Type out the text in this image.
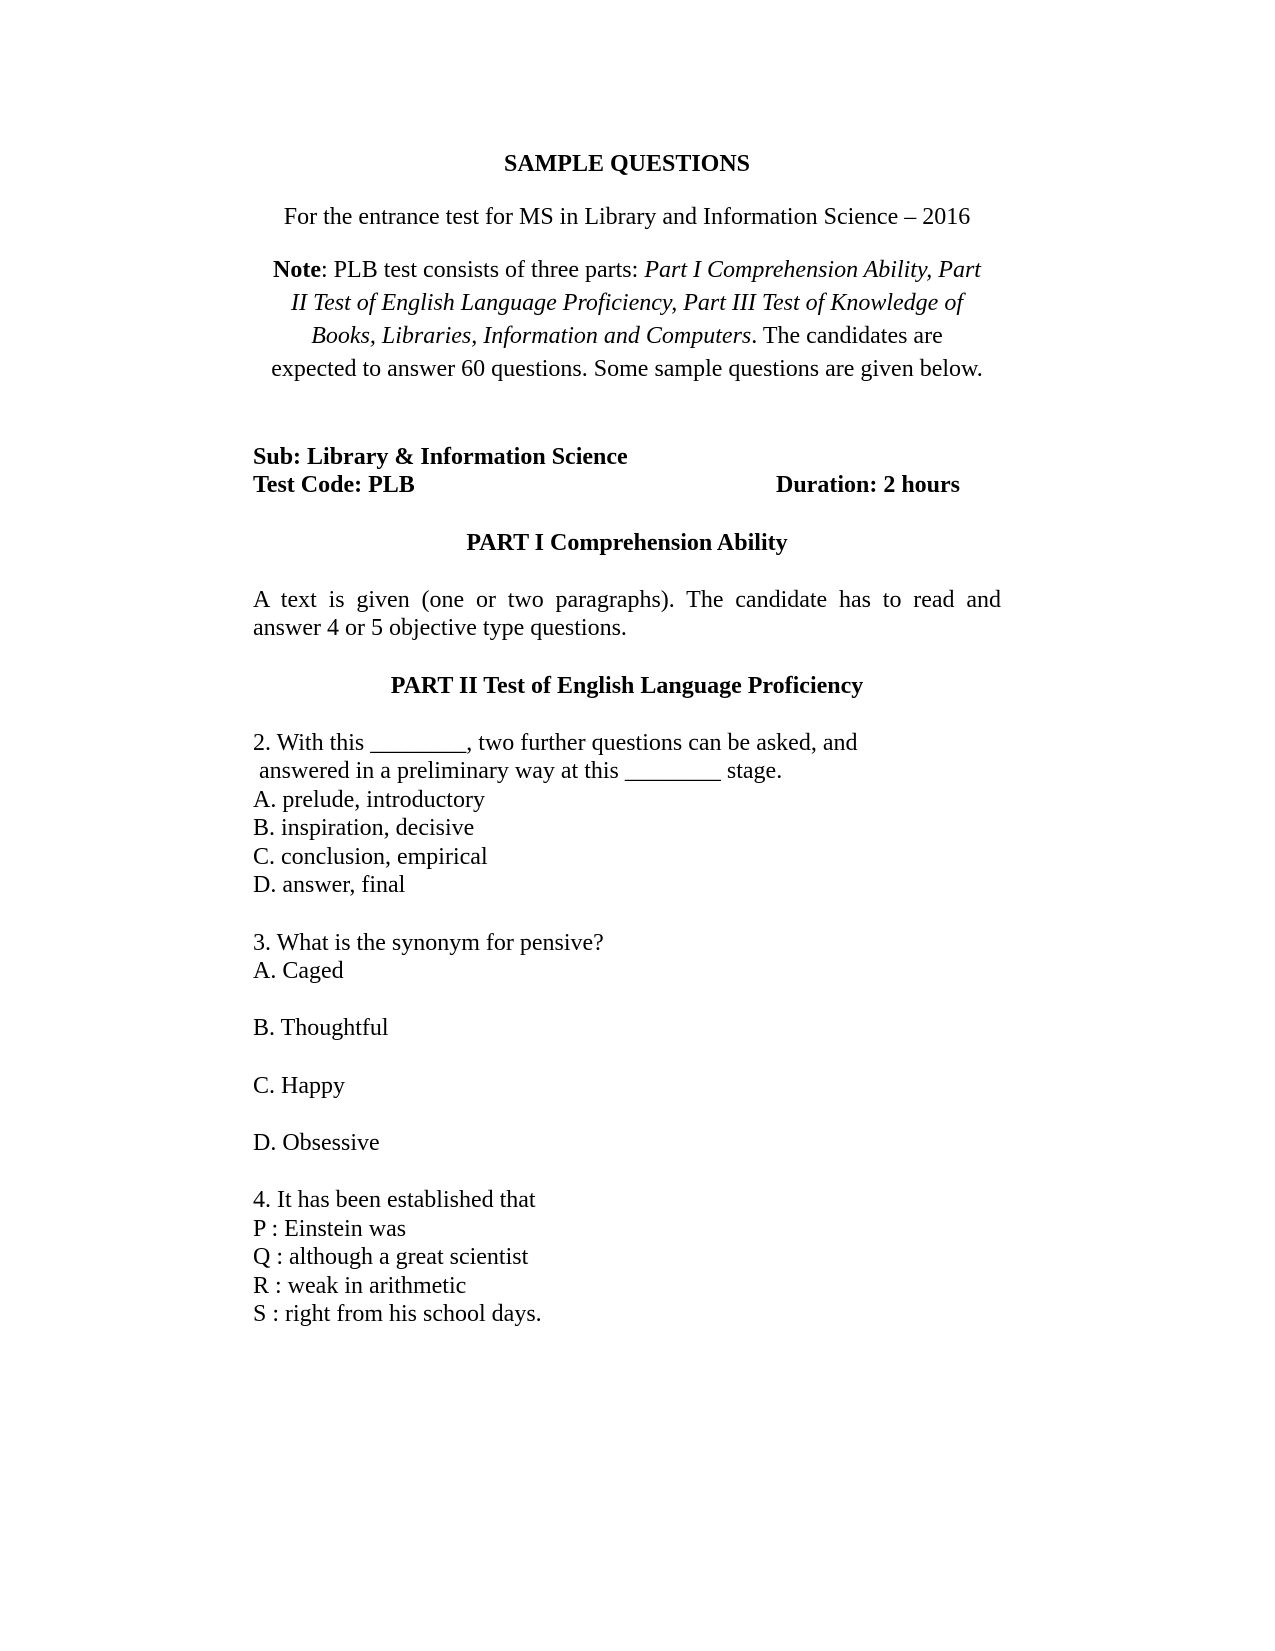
SAMPLE QUESTIONS
For the entrance test for MS in Library and Information Science – 2016
Note: PLB test consists of three parts: Part I Comprehension Ability, Part
II Test of English Language Proficiency, Part III Test of Knowledge of
Books, Libraries, Information and Computers. The candidates are
expected to answer 60 questions. Some sample questions are given below.
Sub: Library & Information Science
Test Code: PLB	Duration: 2 hours
PART I Comprehension Ability
A text is given (one or two paragraphs). The candidate has to read and
answer 4 or 5 objective type questions.
PART II Test of English Language Proficiency
2. With this ________, two further questions can be asked, and
answered in a preliminary way at this ________ stage.
A. prelude, introductory
B. inspiration, decisive
C. conclusion, empirical
D. answer, final
3. What is the synonym for pensive?
A. Caged
B. Thoughtful
C. Happy
D. Obsessive
4. It has been established that
P : Einstein was
Q : although a great scientist
R : weak in arithmetic
S : right from his school days.
